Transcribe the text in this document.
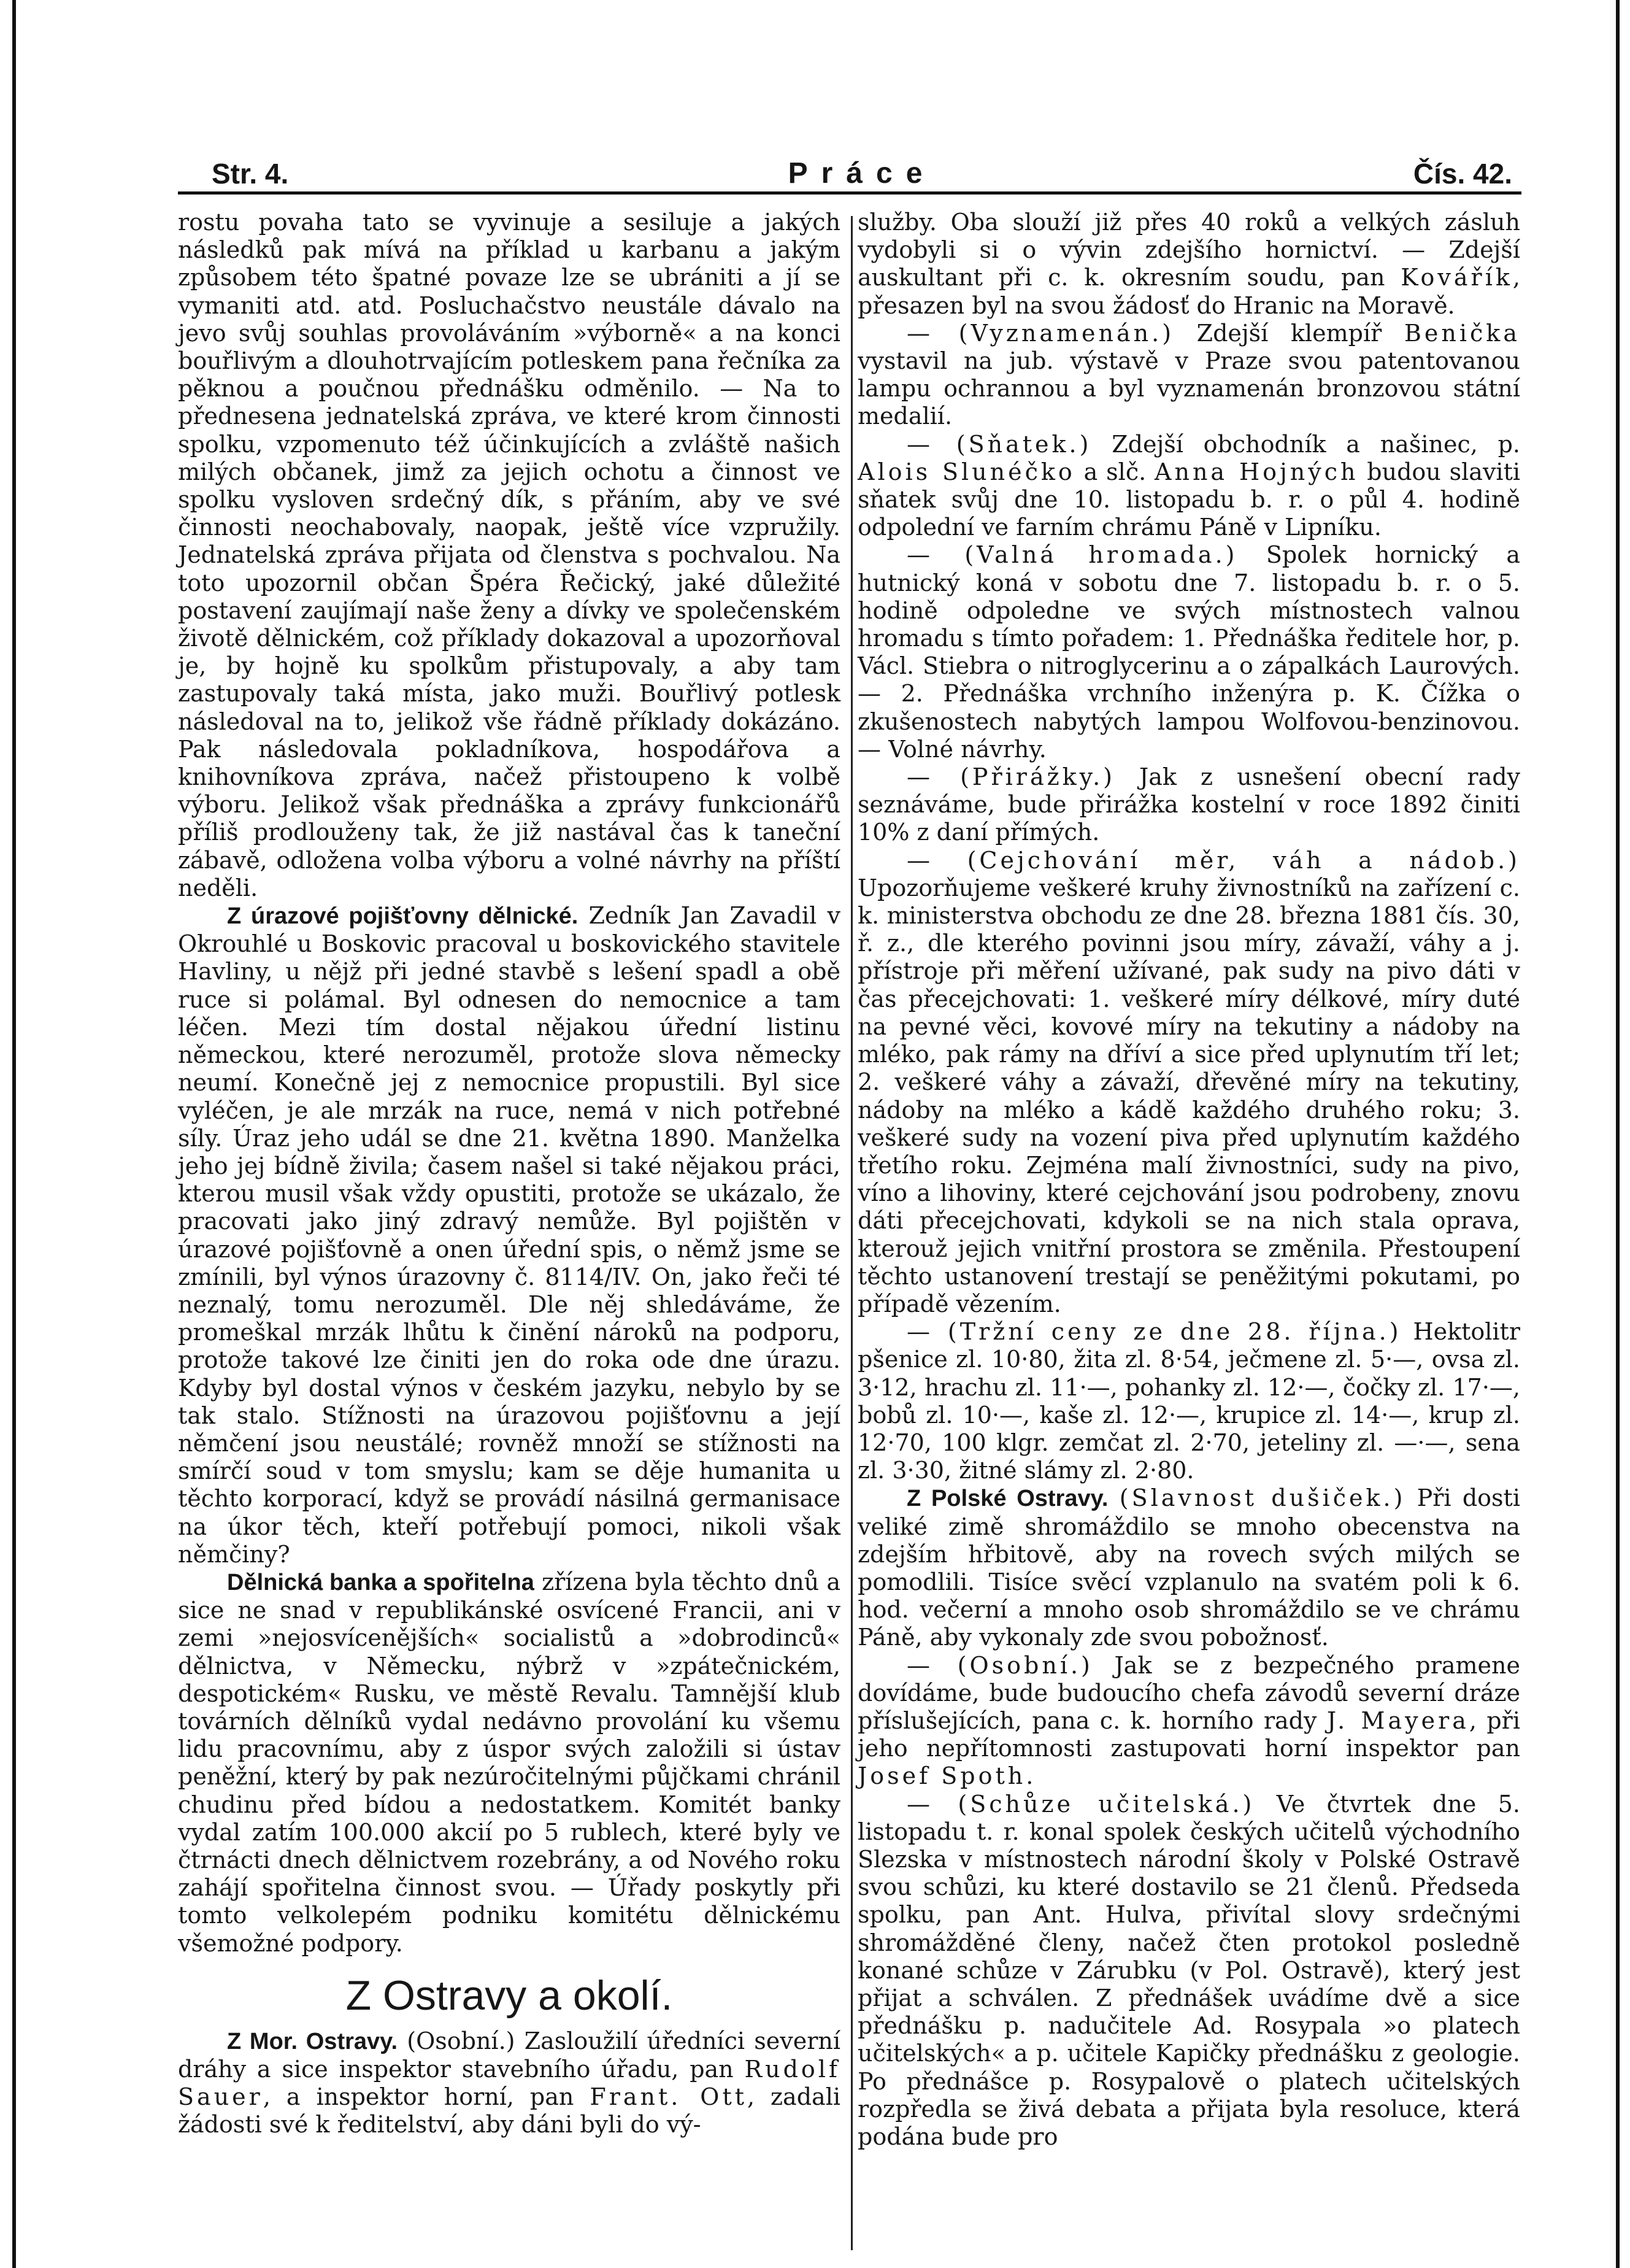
Str. 4.	Práce	Čís. 42.

rostu povaha tato se vyvinuje a sesiluje a jakých následků pak mívá na příklad u karbanu a jakým způsobem této špatné povaze lze se ubrániti a jí se vymaniti atd. atd. Posluchačstvo neustále dávalo na jevo svůj souhlas provoláváním »výborně« a na konci bouřlivým a dlouhotrvajícím potleskem pana řečníka za pěknou a poučnou přednášku odměnilo. — Na to přednesena jednatelská zpráva, ve které krom činnosti spolku, vzpomenuto též účinkujících a zvláště našich milých občanek, jimž za jejich ochotu a činnost ve spolku vysloven srdečný dík, s přáním, aby ve své činnosti neochabovaly, naopak, ještě více vzpružily. Jednatelská zpráva přijata od členstva s pochvalou. Na toto upozornil občan Špéra Řečický, jaké důležité postavení zaujímají naše ženy a dívky ve společenském životě dělnickém, což příklady dokazoval a upozorňoval je, by hojně ku spolkům přistupovaly, a aby tam zastupovaly taká místa, jako muži. Bouřlivý potlesk následoval na to, jelikož vše řádně příklady dokázáno. Pak následovala pokladníkova, hospodářova a knihovníkova zpráva, načež přistoupeno k volbě výboru. Jelikož však přednáška a zprávy funkcionářů příliš prodlouženy tak, že již nastával čas k taneční zábavě, odložena volba výboru a volné návrhy na příští neděli.

Z úrazové pojišťovny dělnické. Zedník Jan Zavadil v Okrouhlé u Boskovic pracoval u boskovického stavitele Havliny, u nějž při jedné stavbě s lešení spadl a obě ruce si polámal. Byl odnesen do nemocnice a tam léčen. Mezi tím dostal nějakou úřední listinu německou, které nerozuměl, protože slova německy neumí. Konečně jej z nemocnice propustili. Byl sice vyléčen, je ale mrzák na ruce, nemá v nich potřebné síly. Úraz jeho udál se dne 21. května 1890. Manželka jeho jej bídně živila; časem našel si také nějakou práci, kterou musil však vždy opustiti, protože se ukázalo, že pracovati jako jiný zdravý nemůže. Byl pojištěn v úrazové pojišťovně a onen úřední spis, o němž jsme se zmínili, byl výnos úrazovny č. 8114/IV. On, jako řeči té neznalý, tomu nerozuměl. Dle něj shledáváme, že promeškal mrzák lhůtu k činění nároků na podporu, protože takové lze činiti jen do roka ode dne úrazu. Kdyby byl dostal výnos v českém jazyku, nebylo by se tak stalo. Stížnosti na úrazovou pojišťovnu a její němčení jsou neustálé; rovněž množí se stížnosti na smírčí soud v tom smyslu; kam se děje humanita u těchto korporací, když se provádí násilná germanisace na úkor těch, kteří potřebují pomoci, nikoli však němčiny?

Dělnická banka a spořitelna zřízena byla těchto dnů a sice ne snad v republikánské osvícené Francii, ani v zemi »nejosvícenějších« socialistů a »dobrodinců« dělnictva, v Německu, nýbrž v »zpátečnickém, despotickém« Rusku, ve městě Revalu. Tamnější klub továrních dělníků vydal nedávno provolání ku všemu lidu pracovnímu, aby z úspor svých založili si ústav peněžní, který by pak nezúročitelnými půjčkami chránil chudinu před bídou a nedostatkem. Komitét banky vydal zatím 100.000 akcií po 5 rublech, které byly ve čtrnácti dnech dělnictvem rozebrány, a od Nového roku zahájí spořitelna činnost svou. — Úřady poskytly při tomto velkolepém podniku komitétu dělnickému všemožné podpory.

Z Ostravy a okolí.

Z Mor. Ostravy. (Osobní.) Zasloužilí úředníci severní dráhy a sice inspektor stavebního úřadu, pan Rudolf Sauer, a inspektor horní, pan Frant. Ott, zadali žádosti své k ředitelství, aby dáni byli do vý-

služby. Oba slouží již přes 40 roků a velkých zásluh vydobyli si o vývin zdejšího hornictví. — Zdejší auskultant při c. k. okresním soudu, pan Kovářík, přesazen byl na svou žádosť do Hranic na Moravě.

— (Vyznamenán.) Zdejší klempíř Benička vystavil na jub. výstavě v Praze svou patentovanou lampu ochrannou a byl vyznamenán bronzovou státní medalií.

— (Sňatek.) Zdejší obchodník a našinec, p. Alois Slunéčko a slč. Anna Hojných budou slaviti sňatek svůj dne 10. listopadu b. r. o půl 4. hodině odpolední ve farním chrámu Páně v Lipníku.

— (Valná hromada.) Spolek hornický a hutnický koná v sobotu dne 7. listopadu b. r. o 5. hodině odpoledne ve svých místnostech valnou hromadu s tímto pořadem: 1. Přednáška ředitele hor, p. Václ. Stiebra o nitroglycerinu a o zápalkách Laurových. — 2. Přednáška vrchního inženýra p. K. Čížka o zkušenostech nabytých lampou Wolfovou-benzinovou. — Volné návrhy.

— (Přirážky.) Jak z usnešení obecní rady seznáváme, bude přirážka kostelní v roce 1892 činiti 10% z daní přímých.

— (Cejchování měr, váh a nádob.) Upozorňujeme veškeré kruhy živnostníků na zařízení c. k. ministerstva obchodu ze dne 28. března 1881 čís. 30, ř. z., dle kterého povinni jsou míry, závaží, váhy a j. přístroje při měření užívané, pak sudy na pivo dáti v čas přecejchovati: 1. veškeré míry délkové, míry duté na pevné věci, kovové míry na tekutiny a nádoby na mléko, pak rámy na dříví a sice před uplynutím tří let; 2. veškeré váhy a závaží, dřevěné míry na tekutiny, nádoby na mléko a kádě každého druhého roku; 3. veškeré sudy na vození piva před uplynutím každého třetího roku. Zejména malí živnostníci, sudy na pivo, víno a lihoviny, které cejchování jsou podrobeny, znovu dáti přecejchovati, kdykoli se na nich stala oprava, kterouž jejich vnitřní prostora se změnila. Přestoupení těchto ustanovení trestají se peněžitými pokutami, po případě vězením.

— (Tržní ceny ze dne 28. října.) Hektolitr pšenice zl. 10·80, žita zl. 8·54, ječmene zl. 5·—, ovsa zl. 3·12, hrachu zl. 11·—, pohanky zl. 12·—, čočky zl. 17·—, bobů zl. 10·—, kaše zl. 12·—, krupice zl. 14·—, krup zl. 12·70, 100 klgr. zemčat zl. 2·70, jeteliny zl. —·—, sena zl. 3·30, žitné slámy zl. 2·80.

Z Polské Ostravy. (Slavnost dušiček.) Při dosti veliké zimě shromáždilo se mnoho obecenstva na zdejším hřbitově, aby na rovech svých milých se pomodlili. Tisíce svěcí vzplanulo na svatém poli k 6. hod. večerní a mnoho osob shromáždilo se ve chrámu Páně, aby vykonaly zde svou pobožnosť.

— (Osobní.) Jak se z bezpečného pramene dovídáme, bude budoucího chefa závodů severní dráze příslušejících, pana c. k. horního rady J. Mayera, při jeho nepřítomnosti zastupovati horní inspektor pan Josef Spoth.

— (Schůze učitelská.) Ve čtvrtek dne 5. listopadu t. r. konal spolek českých učitelů východního Slezska v místnostech národní školy v Polské Ostravě svou schůzi, ku které dostavilo se 21 členů. Předseda spolku, pan Ant. Hulva, přivítal slovy srdečnými shromážděné členy, načež čten protokol posledně konané schůze v Zárubku (v Pol. Ostravě), který jest přijat a schválen. Z přednášek uvádíme dvě a sice přednášku p. nadučitele Ad. Rosypala »o platech učitelských« a p. učitele Kapičky přednášku z geologie. Po přednášce p. Rosypalově o platech učitelských rozpředla se živá debata a přijata byla resoluce, která podána bude pro
